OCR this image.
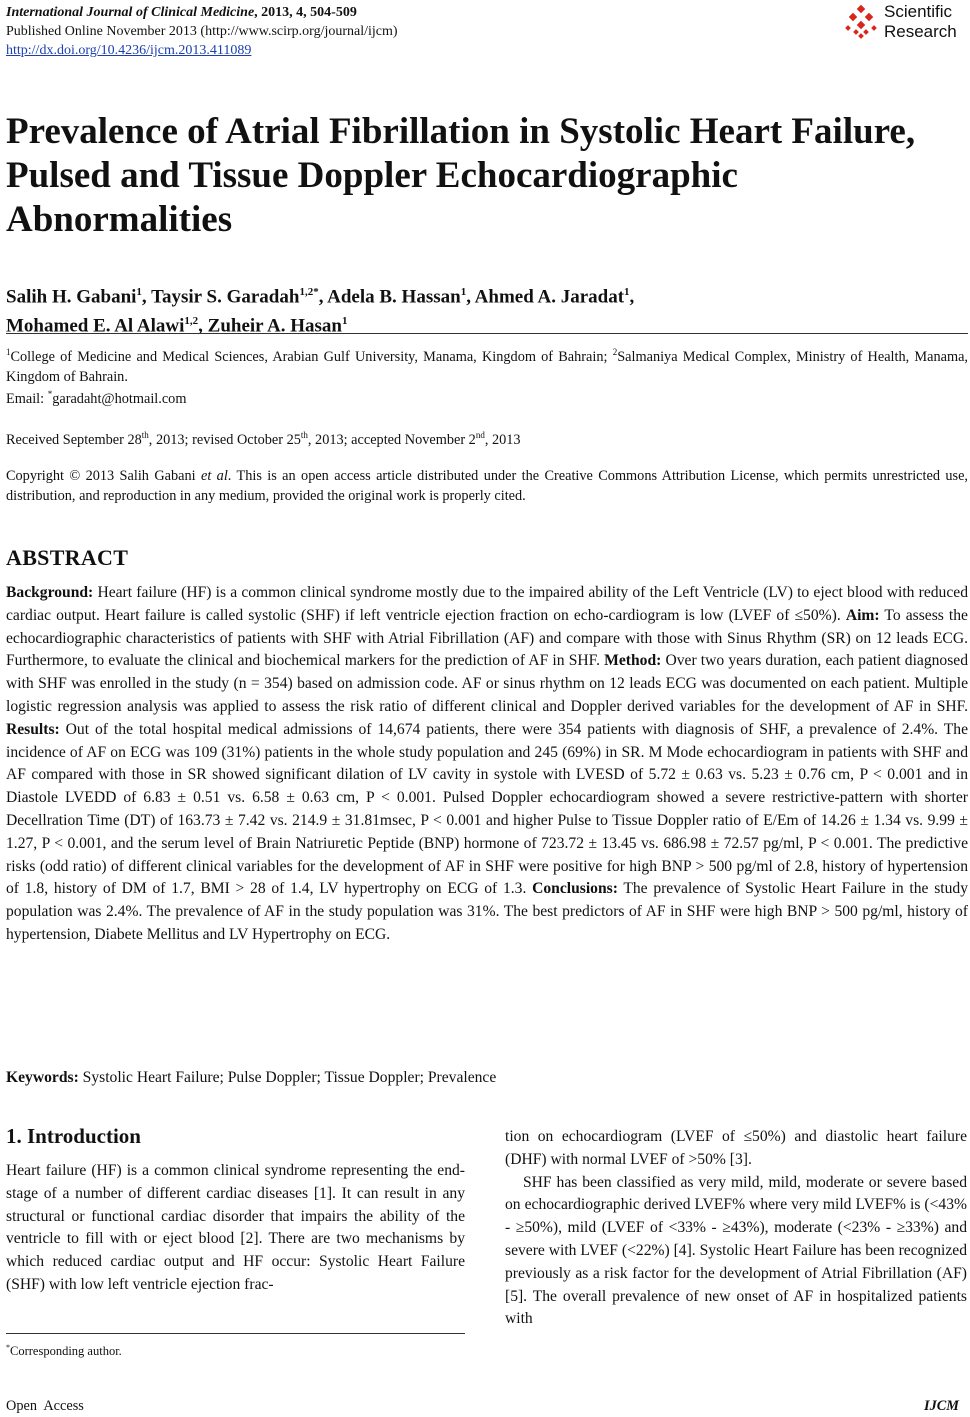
International Journal of Clinical Medicine, 2013, 4, 504-509
Published Online November 2013 (http://www.scirp.org/journal/ijcm)
http://dx.doi.org/10.4236/ijcm.2013.411089
Scientific
Research
Prevalence of Atrial Fibrillation in Systolic Heart Failure, Pulsed and Tissue Doppler Echocardiographic Abnormalities
Salih H. Gabani$^1$, Taysir S. Garadah$^{1,2*}$, Adela B. Hassan$^1$, Ahmed A. Jaradat$^1$,
Mohamed E. Al Alawi$^{1,2}$, Zuheir A. Hasan$^1$
$^1$College of Medicine and Medical Sciences, Arabian Gulf University, Manama, Kingdom of Bahrain; $^2$Salmaniya Medical Complex, Ministry of Health, Manama, Kingdom of Bahrain.
Email: *garadaht@hotmail.com
Received September 28th, 2013; revised October 25th, 2013; accepted November 2nd, 2013
Copyright © 2013 Salih Gabani et al. This is an open access article distributed under the Creative Commons Attribution License, which permits unrestricted use, distribution, and reproduction in any medium, provided the original work is properly cited.
ABSTRACT
Background: Heart failure (HF) is a common clinical syndrome mostly due to the impaired ability of the Left Ventricle (LV) to eject blood with reduced cardiac output. Heart failure is called systolic (SHF) if left ventricle ejection fraction on echo-cardiogram is low (LVEF of ≤50%). Aim: To assess the echocardiographic characteristics of patients with SHF with Atrial Fibrillation (AF) and compare with those with Sinus Rhythm (SR) on 12 leads ECG. Furthermore, to evaluate the clinical and biochemical markers for the prediction of AF in SHF. Method: Over two years duration, each patient diagnosed with SHF was enrolled in the study (n = 354) based on admission code. AF or sinus rhythm on 12 leads ECG was documented on each patient. Multiple logistic regression analysis was applied to assess the risk ratio of different clinical and Doppler derived variables for the development of AF in SHF. Results: Out of the total hospital medical admissions of 14,674 patients, there were 354 patients with diagnosis of SHF, a prevalence of 2.4%. The incidence of AF on ECG was 109 (31%) patients in the whole study population and 245 (69%) in SR. M Mode echocardiogram in patients with SHF and AF compared with those in SR showed significant dilation of LV cavity in systole with LVESD of 5.72 ± 0.63 vs. 5.23 ± 0.76 cm, P < 0.001 and in Diastole LVEDD of 6.83 ± 0.51 vs. 6.58 ± 0.63 cm, P < 0.001. Pulsed Doppler echocardiogram showed a severe restrictive-pattern with shorter Decellration Time (DT) of 163.73 ± 7.42 vs. 214.9 ± 31.81msec, P < 0.001 and higher Pulse to Tissue Doppler ratio of E/Em of 14.26 ± 1.34 vs. 9.99 ± 1.27, P < 0.001, and the serum level of Brain Natriuretic Peptide (BNP) hormone of 723.72 ± 13.45 vs. 686.98 ± 72.57 pg/ml, P < 0.001. The predictive risks (odd ratio) of different clinical variables for the development of AF in SHF were positive for high BNP > 500 pg/ml of 2.8, history of hypertension of 1.8, history of DM of 1.7, BMI > 28 of 1.4, LV hypertrophy on ECG of 1.3. Conclusions: The prevalence of Systolic Heart Failure in the study population was 2.4%. The prevalence of AF in the study population was 31%. The best predictors of AF in SHF were high BNP > 500 pg/ml, history of hypertension, Diabete Mellitus and LV Hypertrophy on ECG.
Keywords: Systolic Heart Failure; Pulse Doppler; Tissue Doppler; Prevalence
1. Introduction

Heart failure (HF) is a common clinical syndrome representing the end-stage of a number of different cardiac diseases [1]. It can result in any structural or functional cardiac disorder that impairs the ability of the ventricle to fill with or eject blood [2]. There are two mechanisms by which reduced cardiac output and HF occur: Systolic Heart Failure (SHF) with low left ventricle ejection frac-

tion on echocardiogram (LVEF of ≤50%) and diastolic heart failure (DHF) with normal LVEF of >50% [3].

SHF has been classified as very mild, mild, moderate or severe based on echocardiographic derived LVEF% where very mild LVEF% is (<43% - ≥50%), mild (LVEF of <33% - ≥43%), moderate (<23% - ≥33%) and severe with LVEF (<22%) [4]. Systolic Heart Failure has been recognized previously as a risk factor for the development of Atrial Fibrillation (AF) [5]. The overall prevalence of new onset of AF in hospitalized patients with

*Corresponding author.
Open  Access	IJCM
